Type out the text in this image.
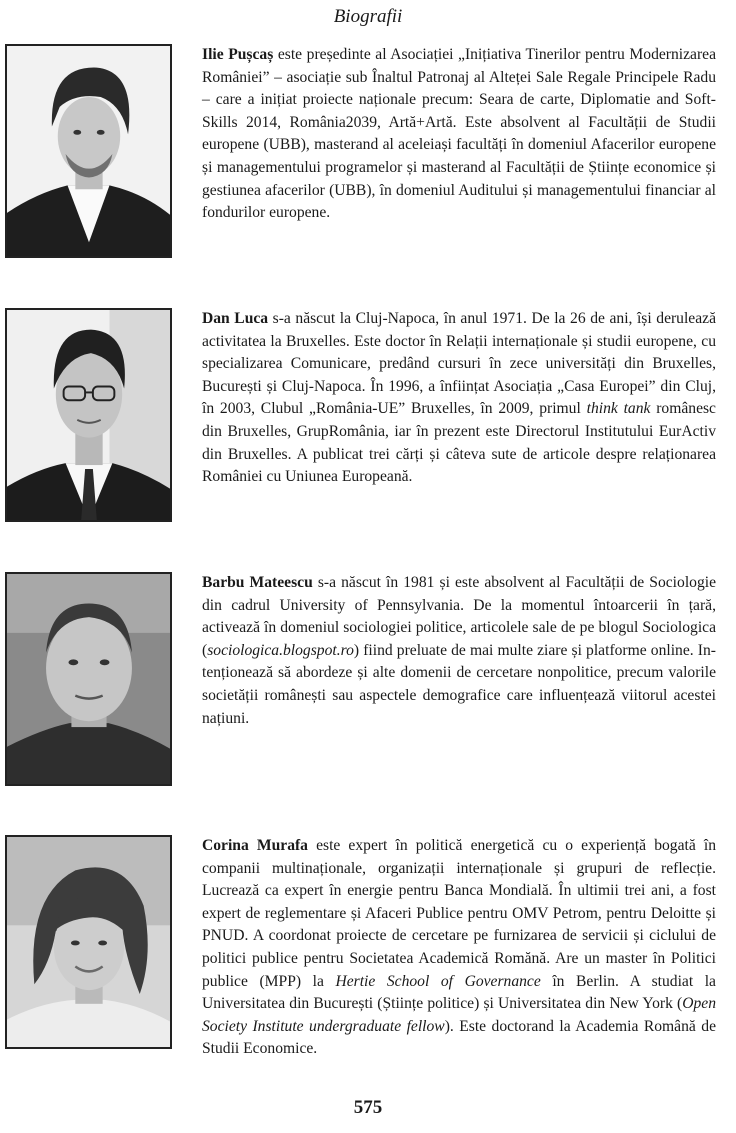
Biografii
Ilie Pușcaș este președinte al Asociației „Inițiativa Tinerilor pentru Modernizarea României” – asociație sub Înaltul Patronaj al Alteței Sale Regale Principele Radu – care a inițiat proiecte naționale precum: Seara de carte, Diplomatie and Soft-Skills 2014, România2039, Artă+Artă. Este absolvent al Facultății de Studii europene (UBB), masterand al aceleiași facultăți în domeniul Afacerilor europene și managementului programelor și masterand al Facultății de Științe economice și gestiunea afacerilor (UBB), în domeniul Auditului și managementului financiar al fondurilor europene.
Dan Luca s-a născut la Cluj-Napoca, în anul 1971. De la 26 de ani, își derulează activitatea la Bruxelles. Este doctor în Relații internaționale și studii europene, cu specializarea Comunicare, predând cursuri în zece universități din Bruxelles, București și Cluj-Napoca. În 1996, a înființat Asociația „Casa Europei” din Cluj, în 2003, Clubul „România-UE” Bruxelles, în 2009, primul think tank românesc din Bruxelles, GrupRomânia, iar în prezent este Directorul Institutului EurActiv din Bruxelles. A publicat trei cărți și câteva sute de articole despre relaționarea României cu Uniunea Europeană.
Barbu Mateescu s-a născut în 1981 și este absolvent al Facultății de Sociologie din cadrul University of Pennsylvania. De la momentul întoarcerii în țară, activează în domeniul sociologiei politice, articolele sale de pe blogul Sociologica (sociologica.blogspot.ro) fiind preluate de mai multe ziare și platforme online. Intenționează să abordeze și alte domenii de cercetare nonpolitice, precum valorile societății românești sau aspectele demografice care influențează viitorul acestei națiuni.
Corina Murafa este expert în politică energetică cu o experiență bogată în companii multinaționale, organizații internaționale și grupuri de reflecție. Lucrează ca expert în energie pentru Banca Mondială. În ultimii trei ani, a fost expert de reglementare și Afaceri Publice pentru OMV Petrom, pentru Deloitte și PNUD. A coordonat proiecte de cercetare pe furnizarea de servicii și ciclului de politici publice pentru Societatea Academică Romănă. Are un master în Politici publice (MPP) la Hertie School of Governance în Berlin. A studiat la Universitatea din București (Științe politice) și Universitatea din New York (Open Society Institute undergraduate fellow). Este doctorand la Academia Română de Studii Economice.
575
